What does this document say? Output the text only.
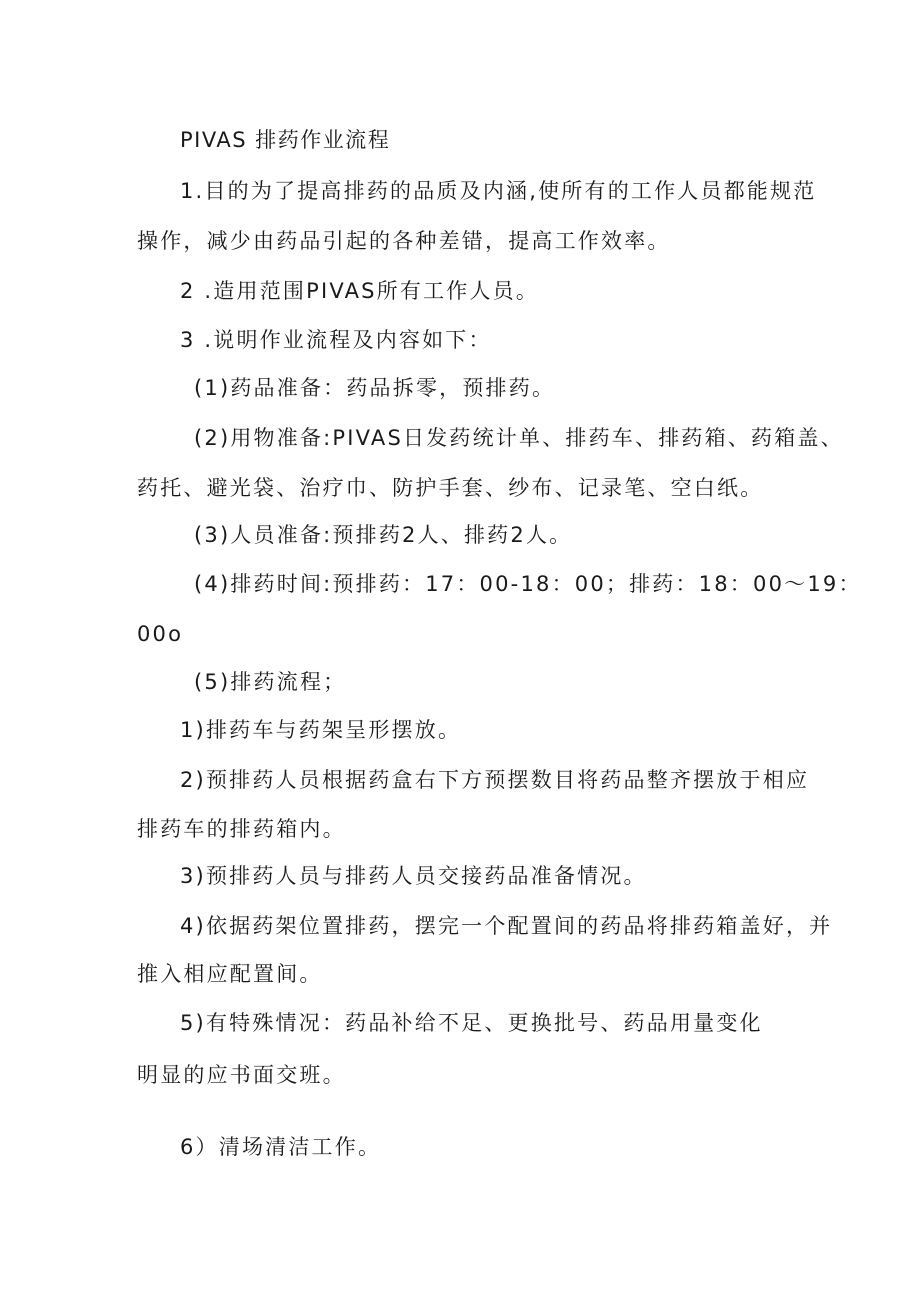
PIVAS 排药作业流程

1.目的为了提高排药的品质及内涵,使所有的工作人员都能规范

操作，减少由药品引起的各种差错，提高工作效率。

2 .造用范围PIVAS所有工作人员。

3 .说明作业流程及内容如下：

(1)药品准备：药品拆零，预排药。

(2)用物准备:PIVAS日发药统计单、排药车、排药箱、药箱盖、

药托、避光袋、治疗巾、防护手套、纱布、记录笔、空白纸。

(3)人员准备:预排药2人、排药2人。

(4)排药时间:预排药：17：00-18：00；排药：18：00～19：

00o

(5)排药流程；

1)排药车与药架呈形摆放。

2)预排药人员根据药盒右下方预摆数目将药品整齐摆放于相应

排药车的排药箱内。

3)预排药人员与排药人员交接药品准备情况。

4)依据药架位置排药，摆完一个配置间的药品将排药箱盖好，并

推入相应配置间。

5)有特殊情况：药品补给不足、更换批号、药品用量变化

明显的应书面交班。

6）清场清洁工作。
